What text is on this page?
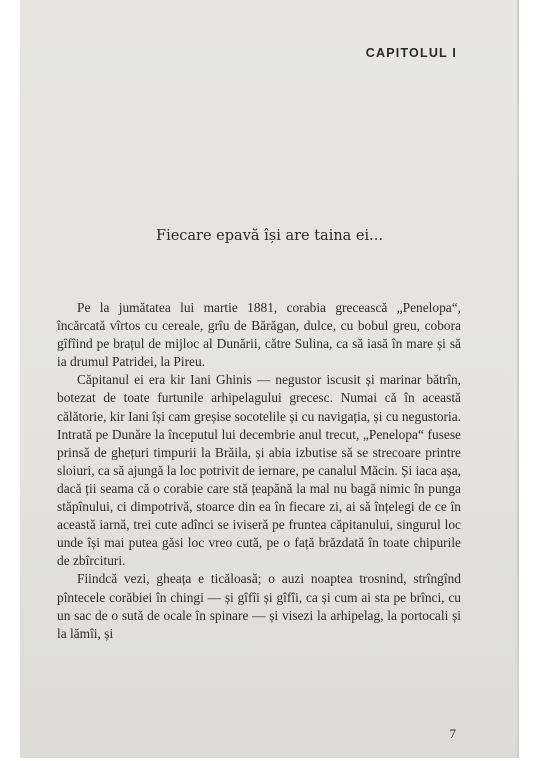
CAPITOLUL I
Fiecare epavă își are taina ei...

Pe la jumătatea lui martie 1881, corabia grecească „Penelopa“, încărcată vîrtos cu cereale, grîu de Bărăgan, dulce, cu bobul greu, cobora gîfîind pe brațul de mijloc al Dunării, către Sulina, ca să iasă în mare și să ia drumul Patridei, la Pireu.

Căpitanul ei era kir Iani Ghinis — negustor iscusit și marinar bătrîn, botezat de toate furtunile arhipelagului grecesc. Numai că în această călătorie, kir Iani își cam greșise socotelile și cu navigația, și cu negustoria. Intrată pe Dunăre la începutul lui decembrie anul trecut, „Penelopa“ fusese prinsă de ghețuri timpurii la Brăila, și abia izbutise să se strecoare printre sloiuri, ca să ajungă la loc potrivit de iernare, pe canalul Măcin. Și iaca așa, dacă ții seama că o corabie care stă țeapănă la mal nu bagă nimic în punga stăpînului, ci dimpotrivă, stoarce din ea în fiecare zi, ai să înțelegi de ce în această iarnă, trei cute adînci se iviseră pe fruntea căpitanului, singurul loc unde își mai putea găsi loc vreo cută, pe o față brăzdată în toate chipurile de zbîrcituri.

Fiindcă vezi, gheața e ticăloasă; o auzi noaptea trosnind, strîngînd pîntecele corăbiei în chingi — și gîfîi și gîfîi, ca și cum ai sta pe brînci, cu un sac de o sută de ocale în spinare — și visezi la arhipelag, la portocali și la lămîi, și

7
